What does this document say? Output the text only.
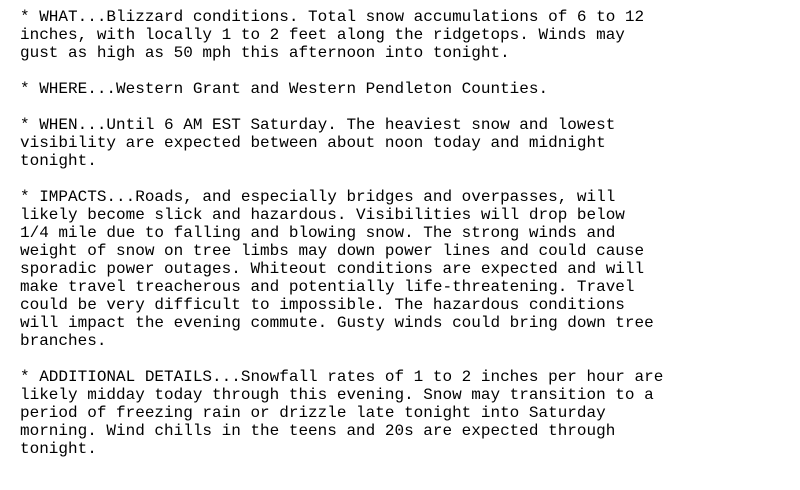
* WHAT...Blizzard conditions. Total snow accumulations of 6 to 12
inches, with locally 1 to 2 feet along the ridgetops. Winds may
gust as high as 50 mph this afternoon into tonight.
* WHERE...Western Grant and Western Pendleton Counties.
* WHEN...Until 6 AM EST Saturday. The heaviest snow and lowest
visibility are expected between about noon today and midnight
tonight.
* IMPACTS...Roads, and especially bridges and overpasses, will
likely become slick and hazardous. Visibilities will drop below
1/4 mile due to falling and blowing snow. The strong winds and
weight of snow on tree limbs may down power lines and could cause
sporadic power outages. Whiteout conditions are expected and will
make travel treacherous and potentially life-threatening. Travel
could be very difficult to impossible. The hazardous conditions
will impact the evening commute. Gusty winds could bring down tree
branches.
* ADDITIONAL DETAILS...Snowfall rates of 1 to 2 inches per hour are
likely midday today through this evening. Snow may transition to a
period of freezing rain or drizzle late tonight into Saturday
morning. Wind chills in the teens and 20s are expected through
tonight.
